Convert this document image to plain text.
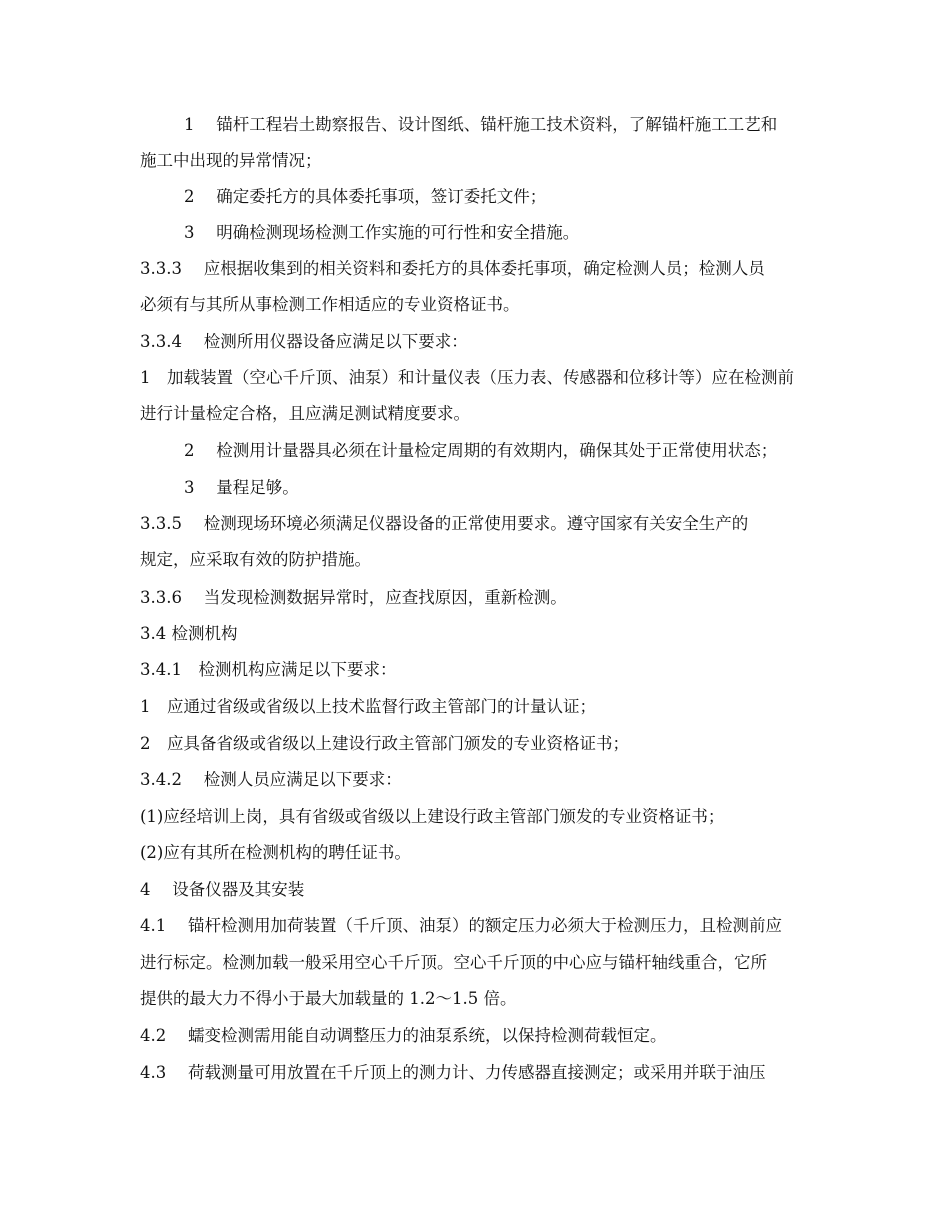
1　 锚杆工程岩土勘察报告、设计图纸、锚杆施工技术资料，了解锚杆施工工艺和
施工中出现的异常情况；
2　 确定委托方的具体委托事项，签订委托文件；
3　 明确检测现场检测工作实施的可行性和安全措施。
3.3.3　 应根据收集到的相关资料和委托方的具体委托事项，确定检测人员；检测人员
必须有与其所从事检测工作相适应的专业资格证书。
3.3.4　 检测所用仪器设备应满足以下要求：
1　加载装置（空心千斤顶、油泵）和计量仪表（压力表、传感器和位移计等）应在检测前
进行计量检定合格，且应满足测试精度要求。
2　 检测用计量器具必须在计量检定周期的有效期内，确保其处于正常使用状态；
3　 量程足够。
3.3.5　 检测现场环境必须满足仪器设备的正常使用要求。遵守国家有关安全生产的
规定，应采取有效的防护措施。
3.3.6　 当发现检测数据异常时，应查找原因，重新检测。
3.4 检测机构
3.4.1　检测机构应满足以下要求：
1　应通过省级或省级以上技术监督行政主管部门的计量认证；
2　应具备省级或省级以上建设行政主管部门颁发的专业资格证书；
3.4.2　 检测人员应满足以下要求：
(1)应经培训上岗，具有省级或省级以上建设行政主管部门颁发的专业资格证书；
(2)应有其所在检测机构的聘任证书。
4　 设备仪器及其安装
4.1　 锚杆检测用加荷装置（千斤顶、油泵）的额定压力必须大于检测压力，且检测前应
进行标定。检测加载一般采用空心千斤顶。空心千斤顶的中心应与锚杆轴线重合，它所
提供的最大力不得小于最大加载量的 1.2～1.5 倍。
4.2　 蠕变检测需用能自动调整压力的油泵系统，以保持检测荷载恒定。
4.3　 荷载测量可用放置在千斤顶上的测力计、力传感器直接测定；或采用并联于油压
